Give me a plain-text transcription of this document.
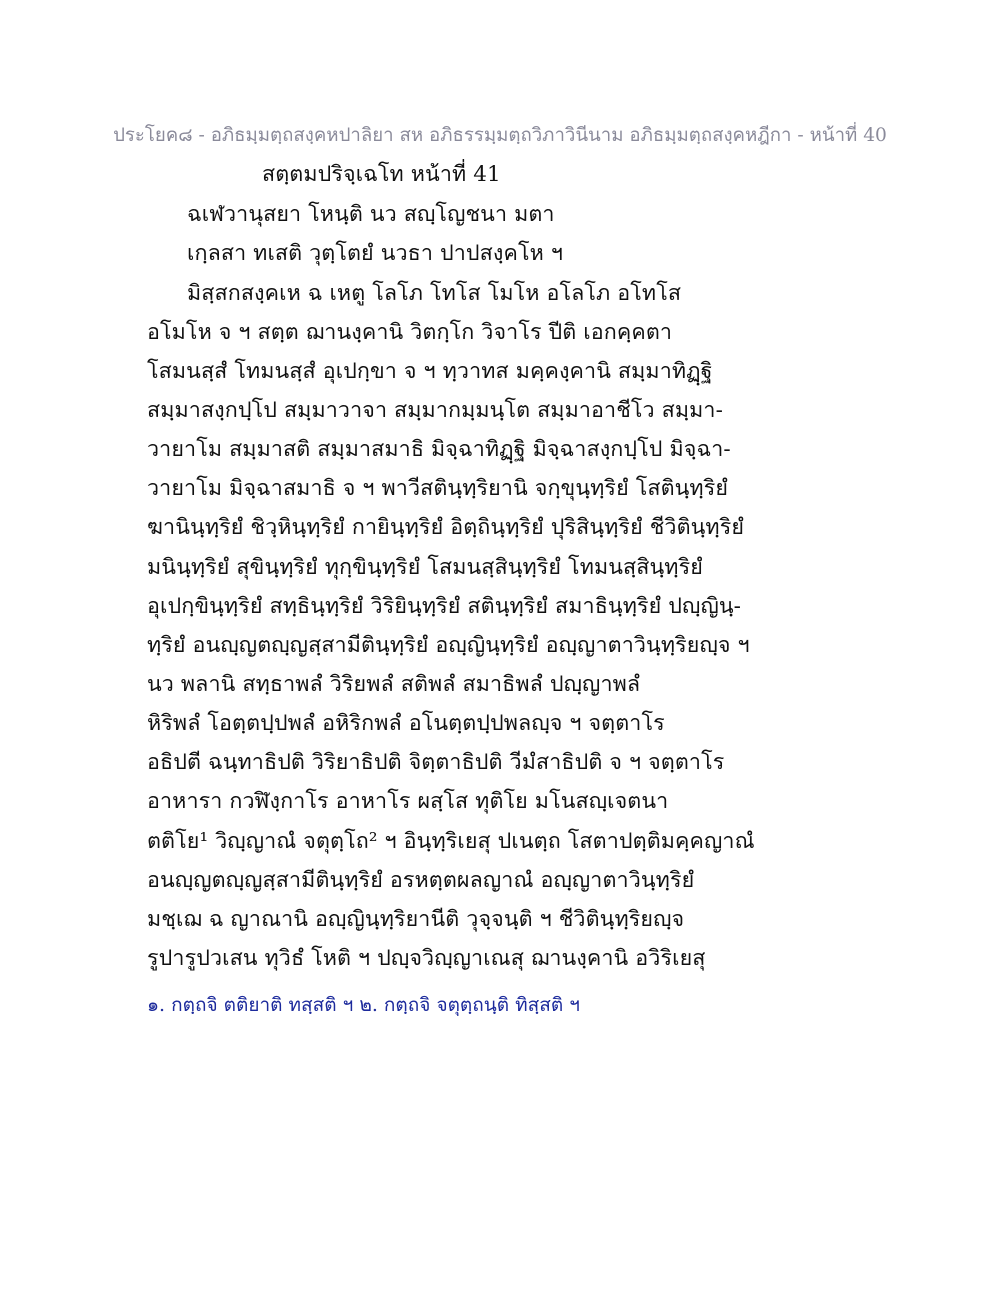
ประโยค๘ - อภิธมฺมตฺถสงฺคหปาลิยา สห อภิธรรมฺมตฺถวิภาวินีนาม อภิธมฺมตฺถสงฺคหฎีกา - หน้าที่ 40
สตฺตมปริจฺเฉโท หน้าที่ 41
ฉเฬวานุสยา โหนฺติ นว สญฺโญชนา มตา
เกฺลสา ทเสติ วุตฺโตยํ นวธา ปาปสงฺคโห ฯ
มิสฺสกสงฺคเห ฉ เหตู โลโภ โทโส โมโห อโลโภ อโทโส
อโมโห จ ฯ สตฺต ฌานงฺคานิ วิตกฺโก วิจาโร ปีติ เอกคฺคตา
โสมนสฺสํ โทมนสฺสํ อุเปกฺขา จ ฯ ทฺวาทส มคฺคงฺคานิ สมฺมาทิฏฺฐิ
สมฺมาสงฺกปฺโป สมฺมาวาจา สมฺมากมฺมนฺโต สมฺมาอาชีโว สมฺมา-
วายาโม สมฺมาสติ สมฺมาสมาธิ มิจฺฉาทิฏฺฐิ มิจฺฉาสงฺกปฺโป มิจฺฉา-
วายาโม มิจฺฉาสมาธิ จ ฯ พาวีสตินฺทฺริยานิ จกฺขุนฺทฺริยํ โสตินฺทฺริยํ
ฆานินฺทฺริยํ ชิวฺหินฺทฺริยํ กายินฺทฺริยํ อิตฺถินฺทฺริยํ ปุริสินฺทฺริยํ ชีวิตินฺทฺริยํ
มนินฺทฺริยํ สุขินฺทฺริยํ ทุกฺขินฺทฺริยํ โสมนสฺสินฺทฺริยํ โทมนสฺสินฺทฺริยํ
อุเปกฺขินฺทฺริยํ สทฺธินฺทฺริยํ วิริยินฺทฺริยํ สตินฺทฺริยํ สมาธินฺทฺริยํ ปญฺญินฺ-
ทฺริยํ อนญฺญตญฺญสฺสามีตินฺทฺริยํ อญฺญินฺทฺริยํ อญฺญาตาวินฺทฺริยญฺจ ฯ
นว พลานิ สทฺธาพลํ วิริยพลํ สติพลํ สมาธิพลํ ปญฺญาพลํ
หิริพลํ โอตฺตปฺปพลํ อหิริกพลํ อโนตฺตปฺปพลญฺจ ฯ จตฺตาโร
อธิปตี ฉนฺทาธิปติ วิริยาธิปติ จิตฺตาธิปติ วีมํสาธิปติ จ ฯ จตฺตาโร
อาหารา กวฬิงฺกาโร อาหาโร ผสฺโส ทุติโย มโนสญฺเจตนา
ตติโย¹ วิญฺญาณํ จตุตฺโถ² ฯ อินฺทฺริเยสุ ปเนตฺถ โสตาปตฺติมคฺคญาณํ
อนญฺญตญฺญสฺสามีตินฺทฺริยํ อรหตฺตผลญาณํ อญฺญาตาวินฺทฺริยํ
มชฺเฌ ฉ ญาณานิ อญฺญินฺทฺริยานีติ วุจฺจนฺติ ฯ ชีวิตินฺทฺริยญฺจ
รูปารูปวเสน ทุวิธํ โหติ ฯ ปญฺจวิญฺญาเณสุ ฌานงฺคานิ อวิริเยสุ
๑. กตฺถจิ ตติยาติ ทสฺสติ ฯ ๒. กตฺถจิ จตุตฺถนฺติ ทิสฺสติ ฯ
